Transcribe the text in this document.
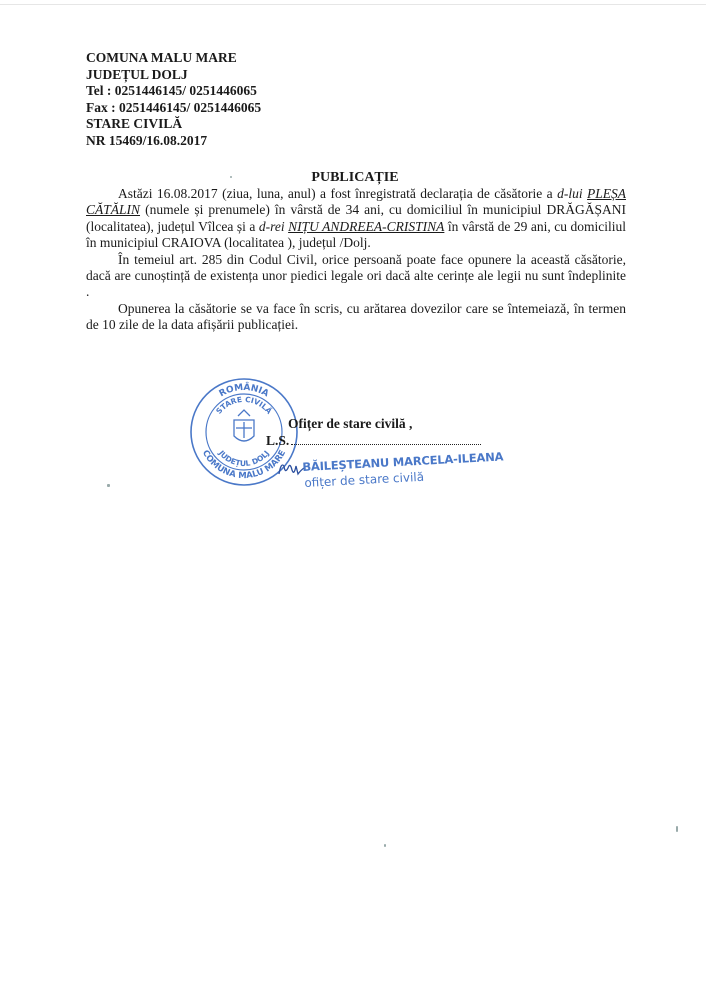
COMUNA MALU MARE
JUDEȚUL DOLJ
Tel : 0251446145/ 0251446065
Fax : 0251446145/ 0251446065
STARE CIVILĂ
NR 15469/16.08.2017
PUBLICAȚIE

Astăzi 16.08.2017 (ziua, luna, anul) a fost înregistrată declarația de căsătorie a d-lui PLEȘA CĂTĂLIN (numele și prenumele) în vârstă de 34 ani, cu domiciliul în municipiul DRĂGĂȘANI (localitatea), județul Vîlcea și a d-rei NIȚU ANDREEA-CRISTINA în vârstă de 29 ani, cu domiciliul în municipiul CRAIOVA (localitatea ), județul /Dolj.

În temeiul art. 285 din Codul Civil, orice persoană poate face opunere la această căsătorie, dacă are cunoștință de existența unor piedici legale ori dacă alte cerințe ale legii nu sunt îndeplinite .

Opunerea la căsătorie se va face în scris, cu arătarea dovezilor care se întemeiază, în termen de 10 zile de la data afișării publicației.

ROMÂNIA
COMUNA MALU MARE
STARE CIVILĂ
JUDEȚUL DOLJ
Ofițer de stare civilă ,
L.S.
BĂILEȘTEANU MARCELA-ILEANA
ofițer de stare civilă
